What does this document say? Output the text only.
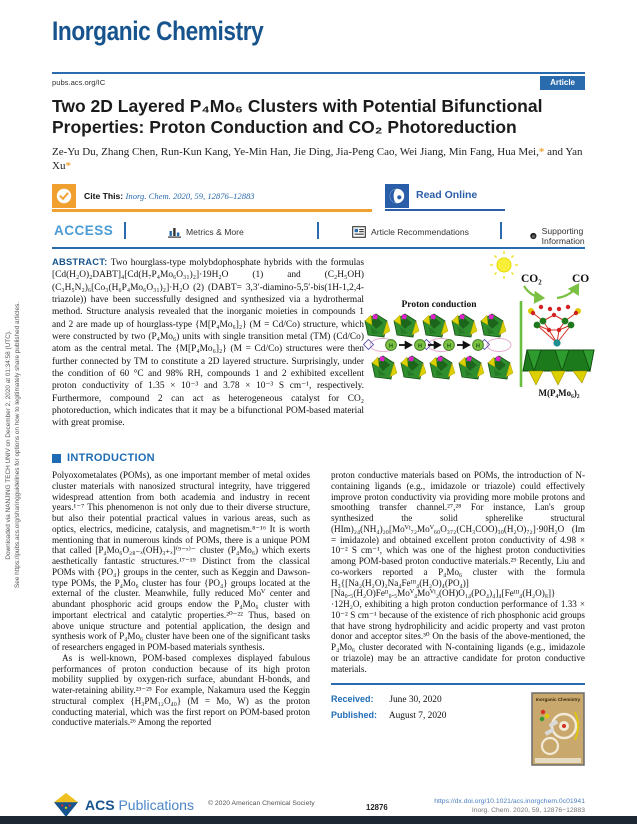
Downloaded via NANJING TECH UNIV on December 2, 2020 at 01:34:58 (UTC). See https://pubs.acs.org/sharingguidelines for options on how to legitimately share published articles.
Inorganic Chemistry
pubs.acs.org/IC	Article
Two 2D Layered P₄Mo₆ Clusters with Potential Bifunctional Properties: Proton Conduction and CO₂ Photoreduction
Ze-Yu Du, Zhang Chen, Run-Kun Kang, Ye-Min Han, Jie Ding, Jia-Peng Cao, Wei Jiang, Min Fang, Hua Mei,* and Yan Xu*
Cite This: Inorg. Chem. 2020, 59, 12876–12883	Read Online
ACCESS	Metrics & More	Article Recommendations	si
Supporting Information
ABSTRACT: Two hourglass-type molybdophosphate hybrids with the formulas [Cd(H₂O)₂DABT]₄[Cd(H₇P₄Mo₆O₃₁)₂]·19H₂O (1) and (C₂H₅OH)(C₃H₅N₂)₆[Co₃(H₆P₄Mo₆O₃₁)₂]·H₂O (2) (DABT= 3,3′-diamino-5,5′-bis(1H-1,2,4-triazole)) have been successfully designed and synthesized via a hydrothermal method. Structure analysis revealed that the inorganic moieties in compounds 1 and 2 are made up of hourglass-type {M[P₄Mo₆]₂} (M = Cd/Co) structure, which were constructed by two (P₄Mo₆) units with single transition metal (TM) (Cd/Co) atom as the central metal. The {M[P₄Mo₆]₂} (M = Cd/Co) structures were then further connected by TM to constitute a 2D layered structure. Surprisingly, under the condition of 60 °C and 98% RH, compounds 1 and 2 exhibited excellent proton conductivity of 1.35 × 10⁻³ and 3.78 × 10⁻³ S cm⁻¹, respectively. Furthermore, compound 2 can act as heterogeneous catalyst for CO₂ photoreduction, which indicates that it may be a bifunctional POM-based material with great promise.
CO₂	CO
Proton conduction
H	H	H	H
M(P₄Mo₆)₂
INTRODUCTION

Polyoxometalates (POMs), as one important member of metal oxides cluster materials with nanosized structural integrity, have triggered widespread attention from both academia and industry in recent years.¹⁻⁷ This phenomenon is not only due to their diverse structure, but also their potential practical values in various areas, such as optics, electrics, medicine, catalysis, and magnetism.⁸⁻¹⁶ It is worth mentioning that in numerous kinds of POMs, there is a unique POM that called [P₄Mo₆O₂₈₋ₓ(OH)₃₊ₓ]⁽⁹⁻ˣ⁾⁻ cluster (P₄Mo₆) which exerts aesthetically fantastic structures.¹⁷⁻¹⁹ Distinct from the classical POMs with {PO₄} groups in the center, such as Keggin and Dawson-type POMs, the P₄Mo₆ cluster has four {PO₄} groups located at the external of the cluster. Meanwhile, fully reduced Moⱽ center and abundant phosphoric acid groups endow the P₄Mo₆ cluster with important electrical and catalytic properties.²⁰⁻²² Thus, based on above unique structure and potential application, the design and synthesis work of P₄Mo₆ cluster have been one of the significant tasks of researchers engaged in POM-based materials synthesis.

As is well-known, POM-based complexes displayed fabulous performances of proton conduction because of its high proton mobility supplied by oxygen-rich surface, abundant H-bonds, and water-retaining ability.²³⁻²⁵ For example, Nakamura used the Keggin structural complex {H₃PM₁₂O₄₀} (M = Mo, W) as the proton conducting material, which was the first report on POM-based proton conductive materials.²⁶ Among the reported

proton conductive materials based on POMs, the introduction of N-containing ligands (e.g., imidazole or triazole) could effectively improve proton conductivity via providing more mobile protons and smoothing transfer channel.²⁷,²⁸ For instance, Lan's group synthesized the solid spherelike structural (HIm)₂₄(NH₄)₂₀[Moⱽᴵ₇₂Moⱽ₆₀O₃₇₂(CH₃COO)₃₀(H₂O)₇₂]·90H₂O (Im = imidazole) and obtained excellent proton conductivity of 4.98 × 10⁻² S cm⁻¹, which was one of the highest proton conductivities among POM-based proton conductive materials.²⁹ Recently, Liu and co-workers reported a P₄Mo₆ cluster with the formula H₃{[Na₂(H₂O)₂Na₄Feᴵᴵᴵ₄(H₂O)₄(PO₄)][Na₀.₅(H₂O)Feᴵᴵ₀.₅Moⱽ₄Moⱽᴵ₂(OH)O₁₄(PO₄)₄]₄[Feᴵᴵᴵ₄(H₂O)₈]}·12H₂O, exhibiting a high proton conduction performance of 1.33 × 10⁻² S cm⁻¹ because of the existence of rich phosphonic acid groups that have strong hydrophilicity and acidic property and vast proton donor and acceptor sites.³⁰ On the basis of the above-mentioned, the P₄Mo₆ cluster decorated with N-containing ligands (e.g., imidazole or triazole) may be an attractive candidate for proton conductive materials.

Received: June 30, 2020
Published: August 7, 2020
Inorganic Chemistry
ACS Publications © 2020 American Chemical Society	12876
https://dx.doi.org/10.1021/acs.inorgchem.0c01941
Inorg. Chem. 2020, 59, 12876−12883
